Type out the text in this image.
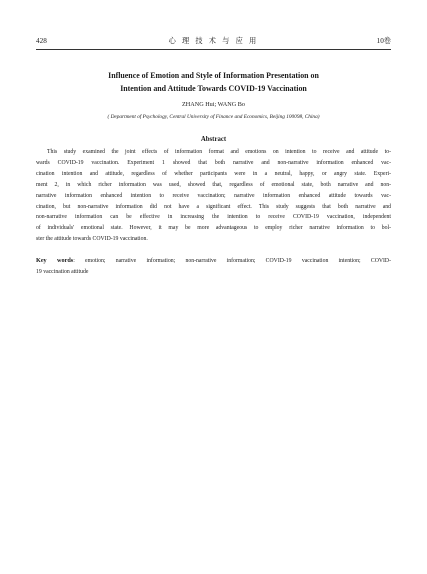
428	心 理 技 术 与 应 用	10卷
Influence of Emotion and Style of Information Presentation on
Intention and Attitude Towards COVID-19 Vaccination
ZHANG Hui; WANG Bo
( Department of Psychology, Central University of Finance and Economics, Beijing 100098, China)
Abstract
This study examined the joint effects of information format and emotions on intention to receive and attitude to-
wards COVID-19 vaccination. Experiment 1 showed that both narrative and non-narrative information enhanced vac-
cination intention and attitude, regardless of whether participants were in a neutral, happy, or angry state. Experi-
ment 2, in which richer information was used, showed that, regardless of emotional state, both narrative and non-
narrative information enhanced intention to receive vaccination; narrative information enhanced attitude towards vac-
cination, but non-narrative information did not have a significant effect. This study suggests that both narrative and
non-narrative information can be effective in increasing the intention to receive COVID-19 vaccination, independent
of individuals' emotional state. However, it may be more advantageous to employ richer narrative information to bol-
ster the attitude towards COVID-19 vaccination.
Key words: emotion; narrative information; non-narrative information; COVID-19 vaccination intention; COVID-
19 vaccination attitude
